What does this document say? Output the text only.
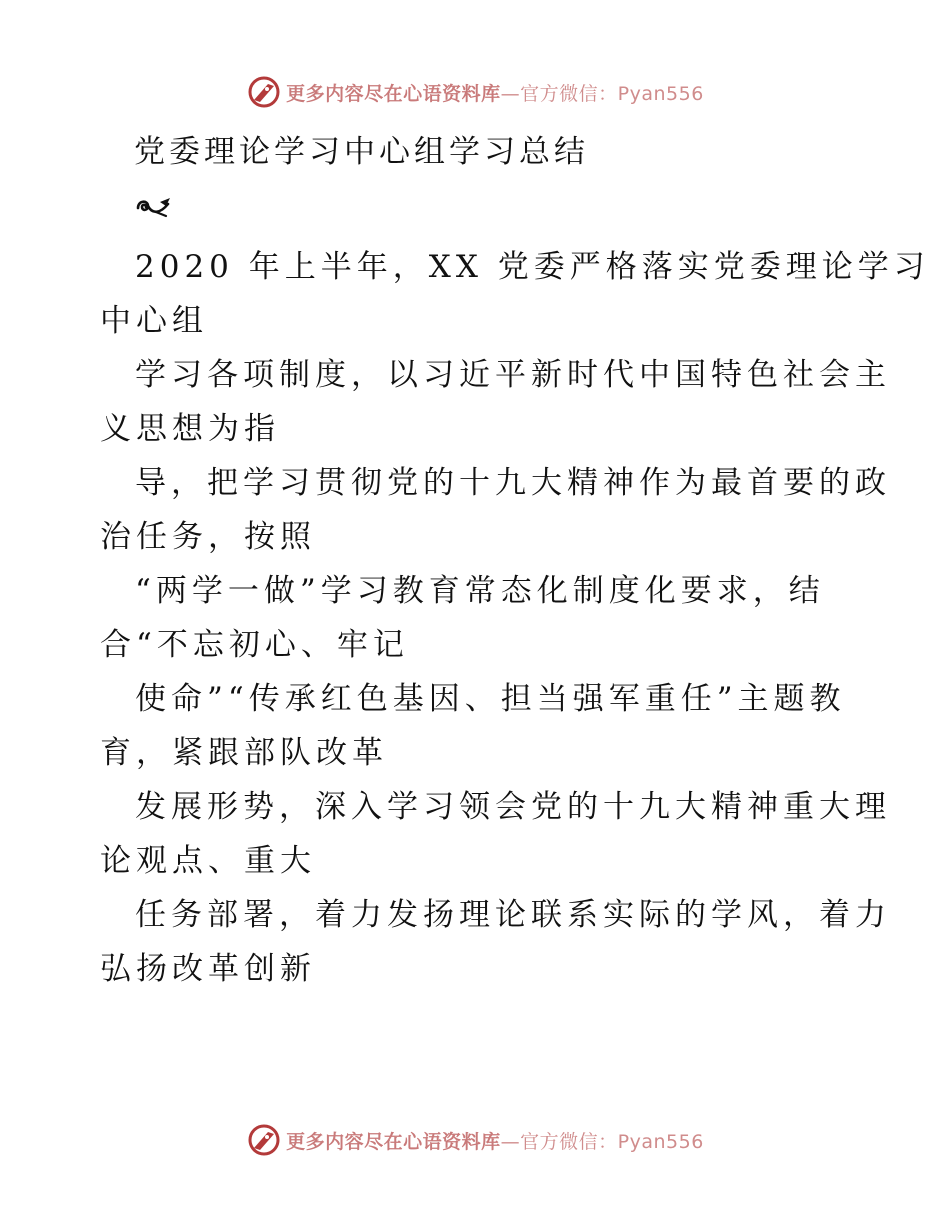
更多内容尽在心语资料库—官方微信：Pyan556
党委理论学习中心组学习总结
2020 年上半年，XX 党委严格落实党委理论学习
中心组
学习各项制度，以习近平新时代中国特色社会主
义思想为指
导，把学习贯彻党的十九大精神作为最首要的政
治任务，按照
“两学一做”学习教育常态化制度化要求，结
合“不忘初心、牢记
使命”“传承红色基因、担当强军重任”主题教
育，紧跟部队改革
发展形势，深入学习领会党的十九大精神重大理
论观点、重大
任务部署，着力发扬理论联系实际的学风，着力
弘扬改革创新
更多内容尽在心语资料库—官方微信：Pyan556
